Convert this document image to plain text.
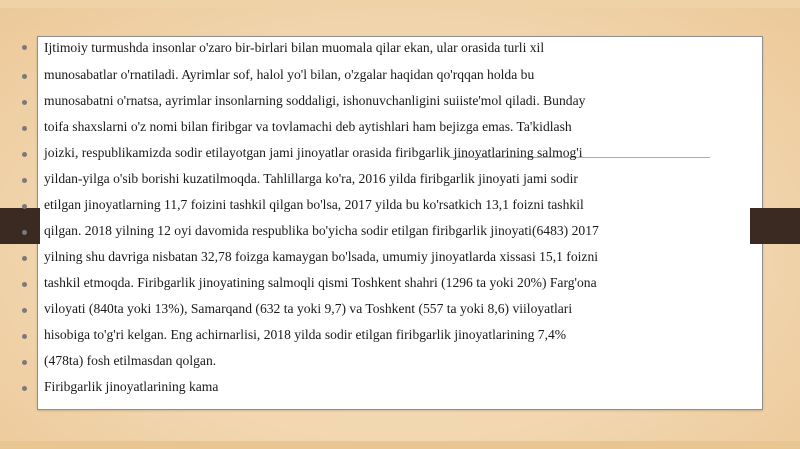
Ijtimoiy turmushda insonlar o'zaro bir-birlari bilan muomala qilar ekan, ular orasida turli xil
munosabatlar o'rnatiladi. Ayrimlar sof, halol yo'l bilan, o'zgalar haqidan qo'rqqan holda bu
munosabatni o'rnatsa, ayrimlar insonlarning soddaligi, ishonuvchanligini suiiste'mol qiladi. Bunday
toifa shaxslarni o'z nomi bilan firibgar va tovlamachi deb aytishlari ham bejizga emas. Ta'kidlash
joizki, respublikamizda sodir etilayotgan jami jinoyatlar orasida firibgarlik jinoyatlarining salmog'i
yildan-yilga o'sib borishi kuzatilmoqda. Tahlillarga ko'ra, 2016 yilda firibgarlik jinoyati jami sodir
etilgan jinoyatlarning 11,7 foizini tashkil qilgan bo'lsa, 2017 yilda bu ko'rsatkich 13,1 foizni tashkil
qilgan. 2018 yilning 12 oyi davomida respublika bo'yicha sodir etilgan firibgarlik jinoyati(6483) 2017
yilning shu davriga nisbatan 32,78 foizga kamaygan bo'lsada, umumiy jinoyatlarda xissasi 15,1 foizni
tashkil etmoqda. Firibgarlik jinoyatining salmoqli qismi Toshkent shahri (1296 ta yoki 20%) Farg'ona
viloyati (840ta yoki 13%), Samarqand (632 ta yoki 9,7) va Toshkent (557 ta yoki 8,6) viiloyatlari
hisobiga to'g'ri kelgan. Eng achirnarlisi, 2018 yilda sodir etilgan firibgarlik jinoyatlarining 7,4%
(478ta) fosh etilmasdan qolgan.
Firibgarlik jinoyatlarining kama
